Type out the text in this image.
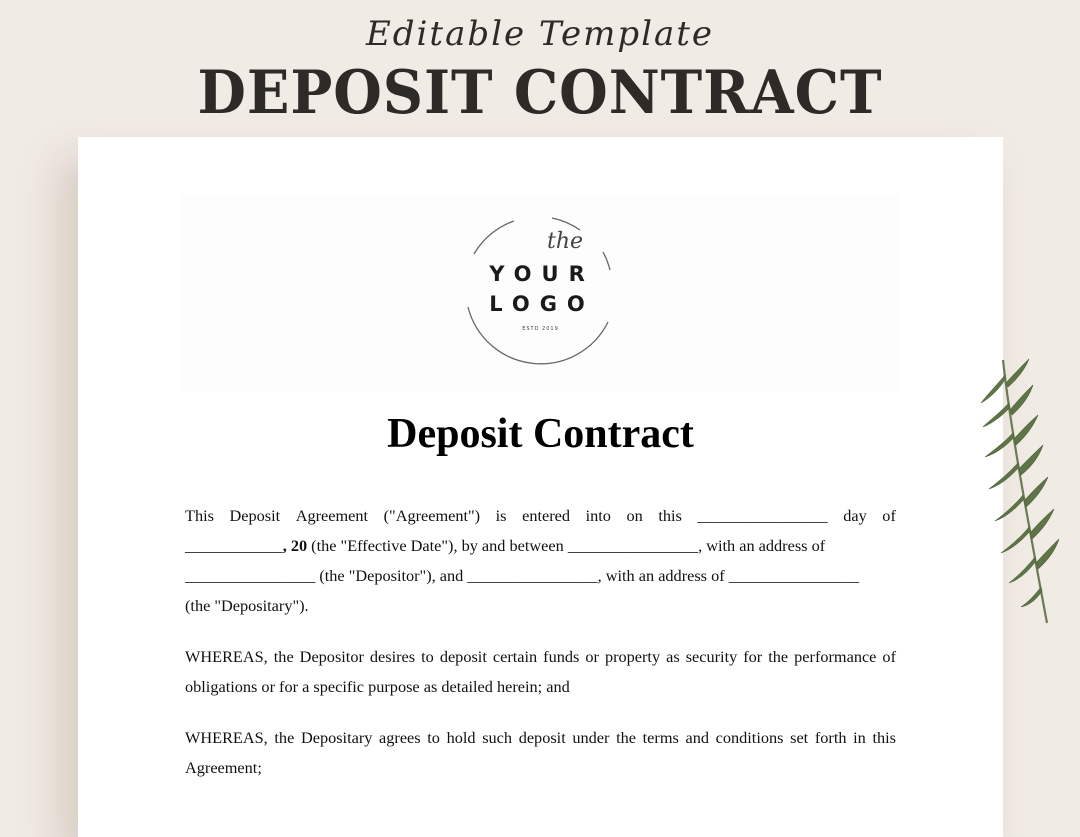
Editable Template
DEPOSIT CONTRACT
the
YOUR
LOGO
ESTD 2019
Deposit Contract
This Deposit Agreement ("Agreement") is entered into on this ________________ day of
____________, 20 (the "Effective Date"), by and between ________________, with an address of
________________ (the "Depositor"), and ________________, with an address of ________________
(the "Depositary").
WHEREAS, the Depositor desires to deposit certain funds or property as security for the performance of obligations or for a specific purpose as detailed herein; and
WHEREAS, the Depositary agrees to hold such deposit under the terms and conditions set forth in this Agreement;
